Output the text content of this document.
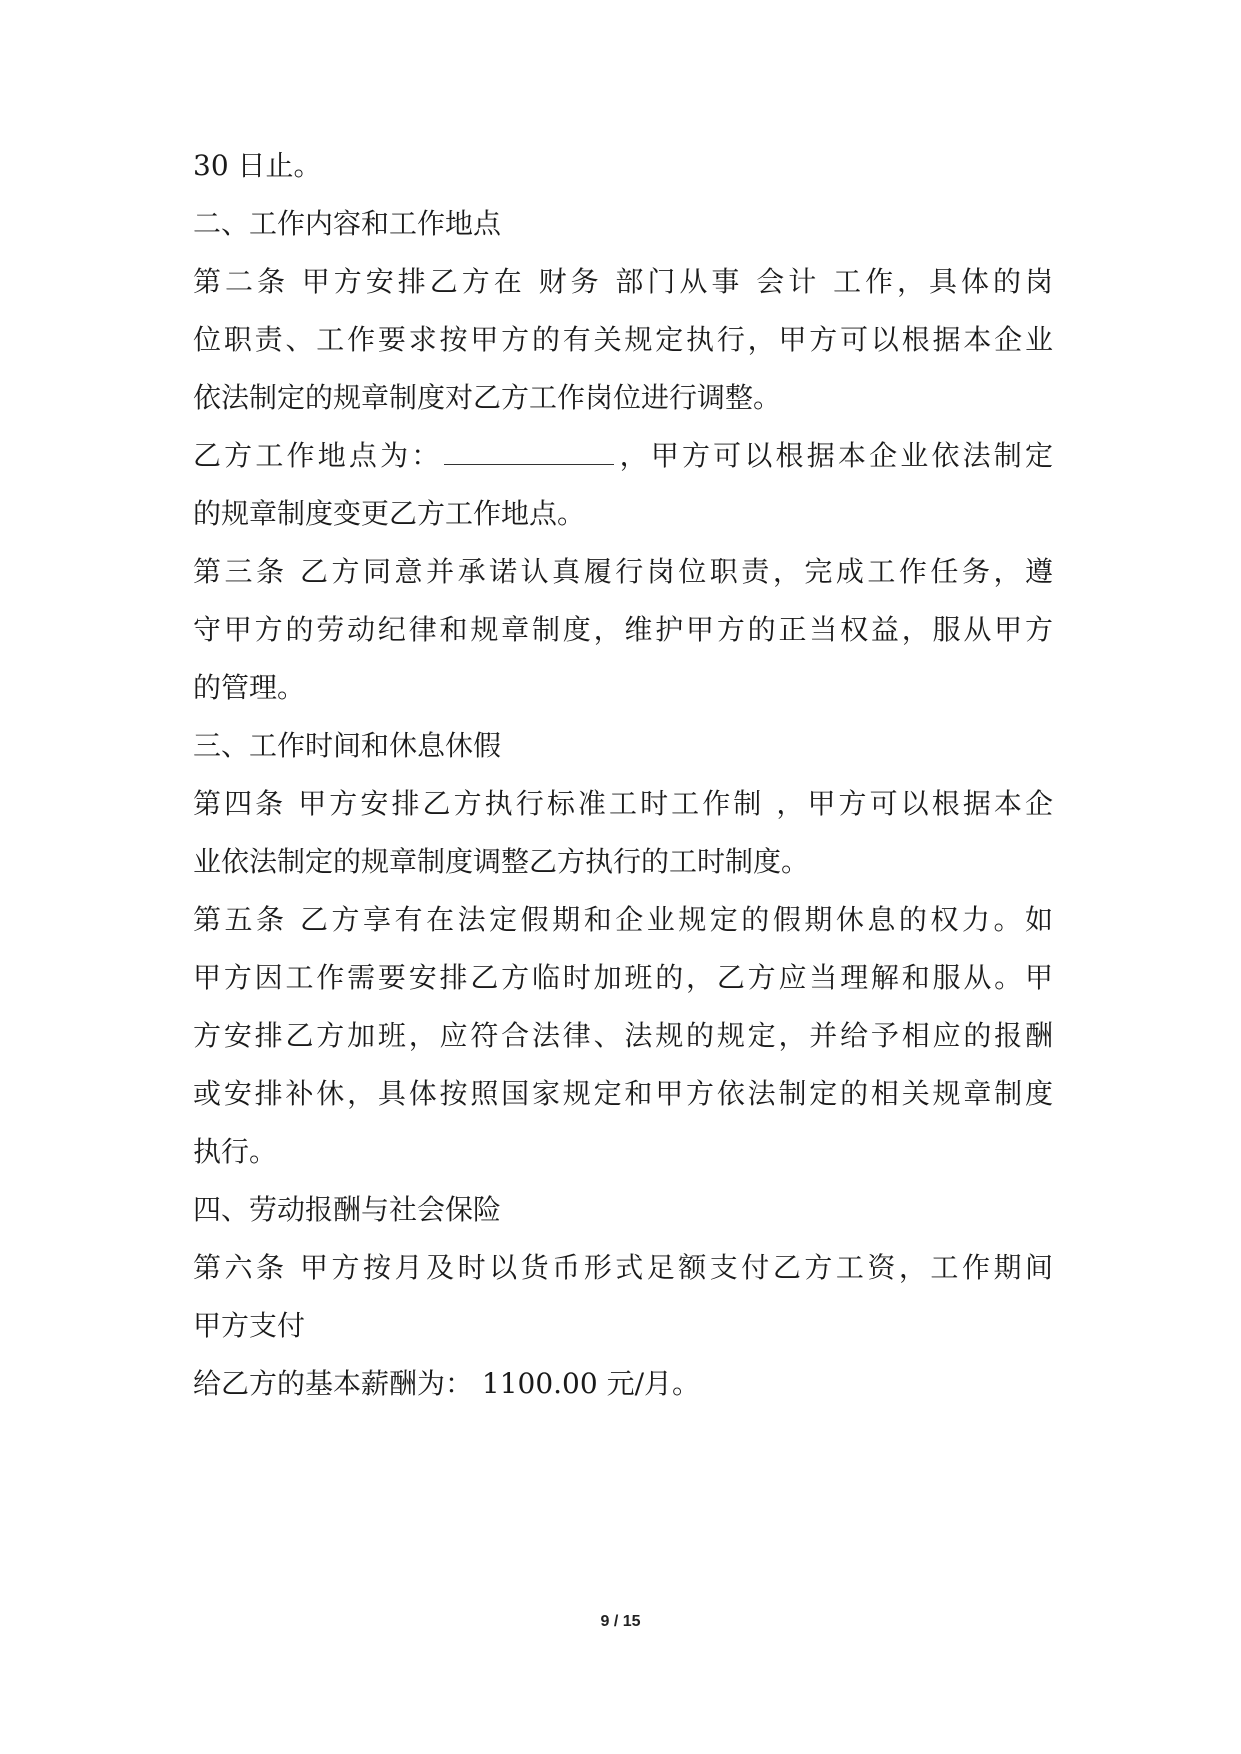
30 日止。
二、工作内容和工作地点
第二条 甲方安排乙方在 财务 部门从事 会计 工作，具体的岗
位职责、工作要求按甲方的有关规定执行，甲方可以根据本企业
依法制定的规章制度对乙方工作岗位进行调整。
乙方工作地点为：	，甲方可以根据本企业依法制定
的规章制度变更乙方工作地点。
第三条 乙方同意并承诺认真履行岗位职责，完成工作任务，遵
守甲方的劳动纪律和规章制度，维护甲方的正当权益，服从甲方
的管理。
三、工作时间和休息休假
第四条 甲方安排乙方执行标准工时工作制 ，甲方可以根据本企
业依法制定的规章制度调整乙方执行的工时制度。
第五条 乙方享有在法定假期和企业规定的假期休息的权力。如
甲方因工作需要安排乙方临时加班的，乙方应当理解和服从。甲
方安排乙方加班，应符合法律、法规的规定，并给予相应的报酬
或安排补休，具体按照国家规定和甲方依法制定的相关规章制度
执行。
四、劳动报酬与社会保险
第六条 甲方按月及时以货币形式足额支付乙方工资，工作期间
甲方支付
给乙方的基本薪酬为： 1100.00 元/月。
9 / 15
